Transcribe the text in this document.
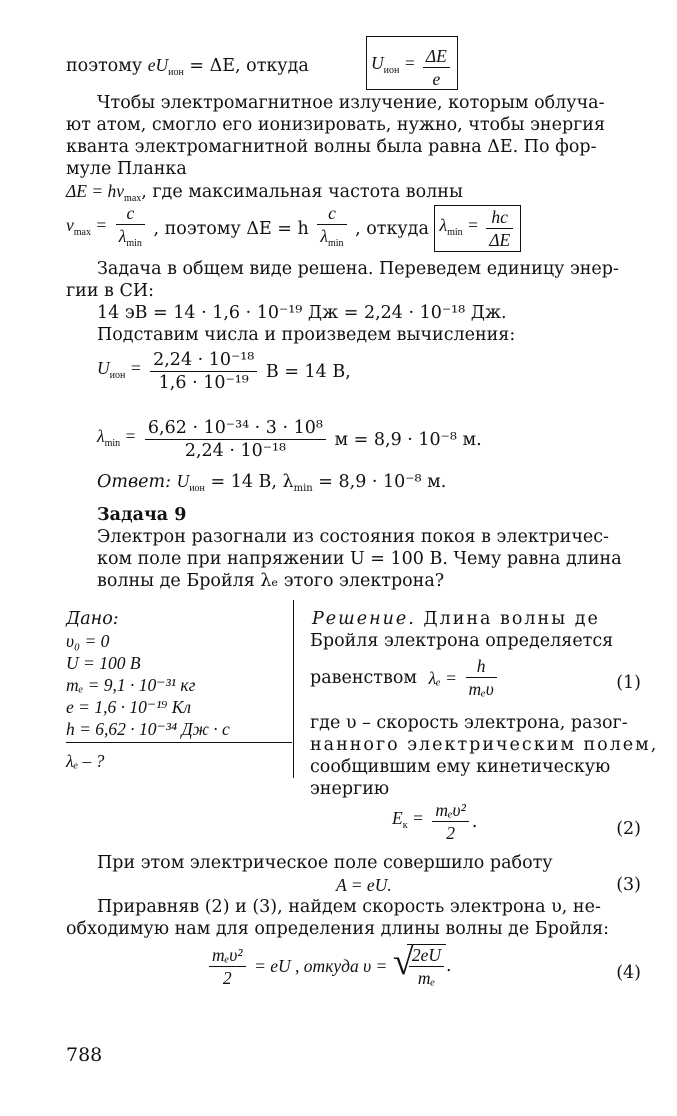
поэтому $eU_{ион} = \Delta E$, откуда	$U_{ион} = \frac{\Delta E}{e}$
Чтобы электромагнитное излучение, которым облуча-
ют атом, смогло его ионизировать, нужно, чтобы энергия
кванта электромагнитной волны была равна ΔE. По фор-
муле Планка
$\Delta E = h\nu_{max}$, где максимальная частота волны
$\nu_{max} = \frac{c}{\lambda_{min}}$ , поэтому ΔE = h $\frac{c}{\lambda_{min}}$ , откуда $\lambda_{min} = \frac{hc}{\Delta E}$
Задача в общем виде решена. Переведем единицу энер-
гии в СИ:
14 эВ = 14 · 1,6 · 10⁻¹⁹ Дж = 2,24 · 10⁻¹⁸ Дж.
Подставим числа и произведем вычисления:
$U_{ион} = \frac{\text{2,24 · 10⁻¹⁸}}{\text{1,6 · 10⁻¹⁹}}$ В = 14 В,
$\lambda_{min} = \frac{\text{6,62 · 10⁻³⁴ · 3 · 10⁸}}{\text{2,24 · 10⁻¹⁸}}$ м = 8,9 · 10⁻⁸ м.
Ответ: $U_{ион} = 14$ В, $\lambda_{min} = 8,9 \cdot 10^{-8}$ м.
Задача 9
Электрон разогнали из состояния покоя в электричес-
ком поле при напряжении U = 100 В. Чему равна длина
волны де Бройля λₑ этого электрона?
Дано:
υ₀ = 0
U = 100 В
mₑ = 9,1 · 10⁻³¹ кг
e = 1,6 · 10⁻¹⁹ Кл
h = 6,62 · 10⁻³⁴ Дж · с
λₑ – ?
Решение. Длина волны де
Бройля электрона определяется
равенством $\lambda_e = \frac{h}{\text{mₑυ}}$	(1)
где υ – скорость электрона, разог-
нанного электрическим полем,
сообщившим ему кинетическую
энергию
$E_к = \frac{\text{mₑυ²}}{2}$ .	(2)
При этом электрическое поле совершило работу
A = eU.	(3)
Приравняв (2) и (3), найдем скорость электрона υ, не-
обходимую нам для определения длины волны де Бройля:
$\frac{\text{mₑυ²}}{2}$ = eU , откуда υ = √
$\frac{2eU}{\text{mₑ}}$ .	(4)
788
